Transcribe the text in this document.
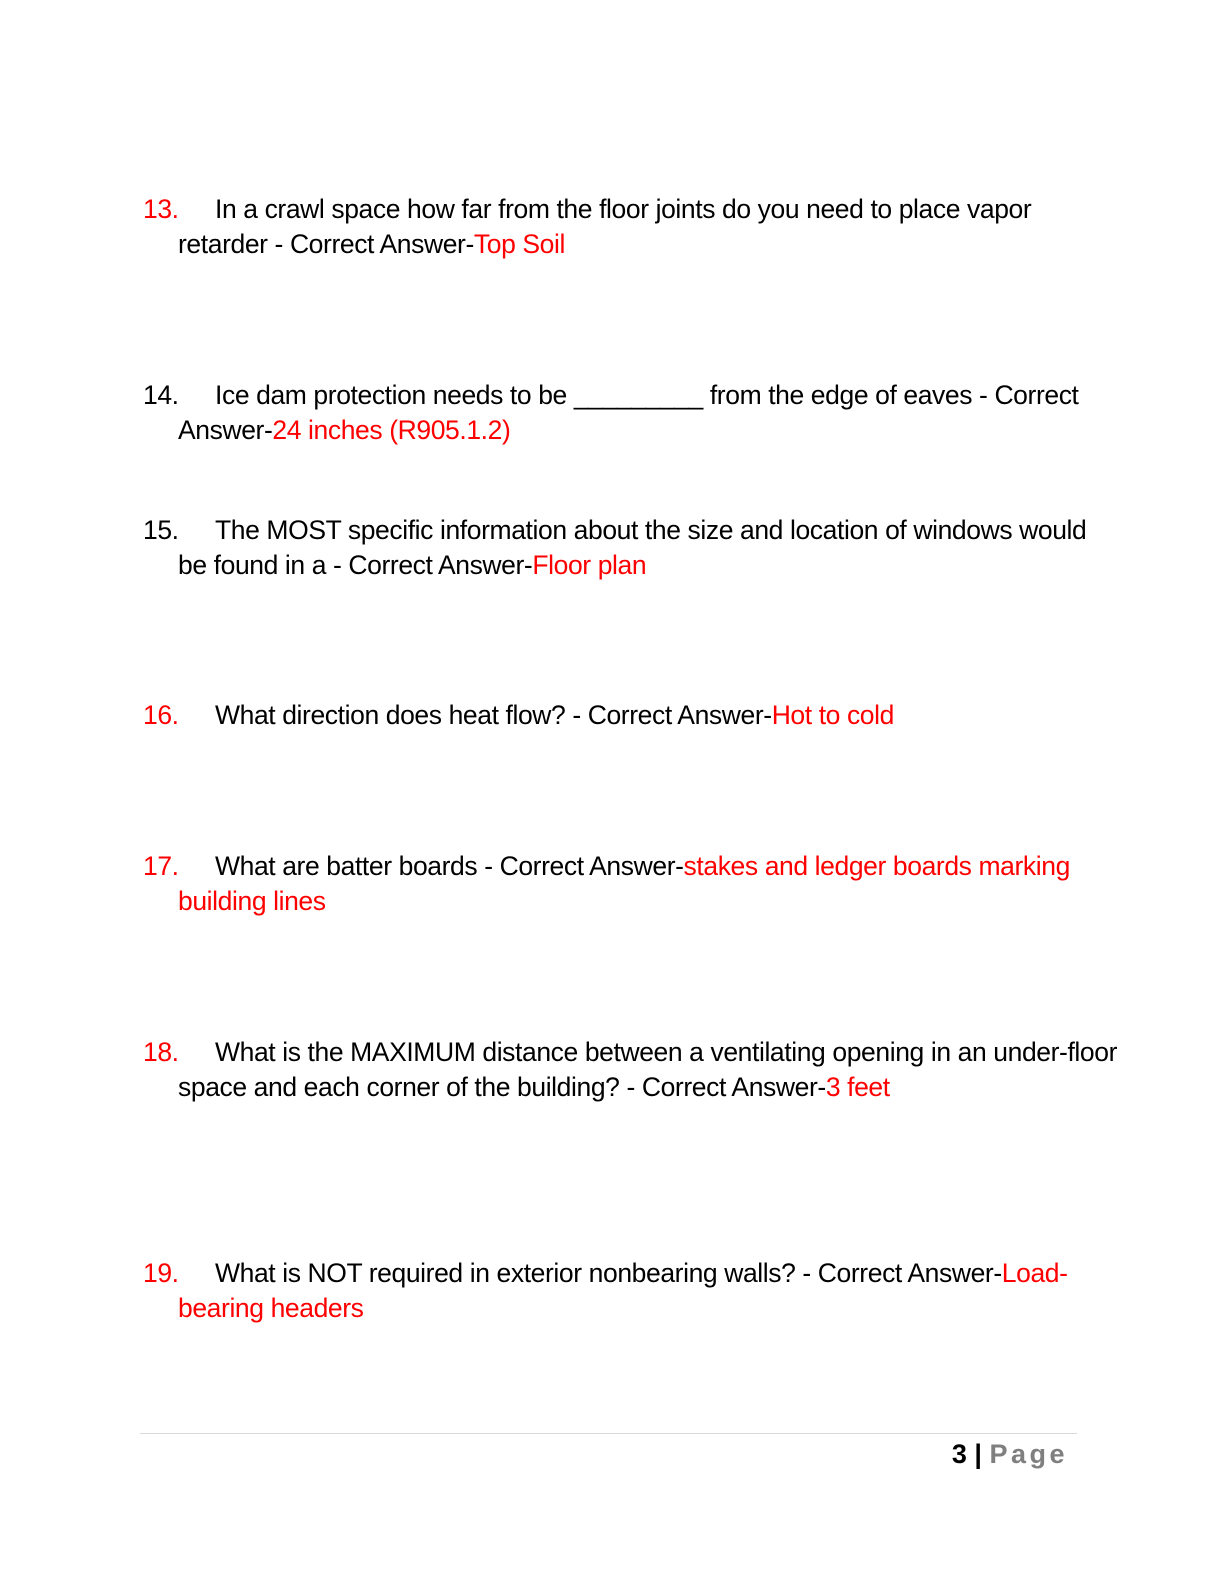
13. In a crawl space how far from the floor joints do you need to place vapor retarder - Correct Answer-Top Soil

14. Ice dam protection needs to be _________ from the edge of eaves - Correct Answer-24 inches (R905.1.2)

15. The MOST specific information about the size and location of windows would be found in a - Correct Answer-Floor plan

16. What direction does heat flow? - Correct Answer-Hot to cold

17. What are batter boards - Correct Answer-stakes and ledger boards marking building lines

18. What is the MAXIMUM distance between a ventilating opening in an under-floor space and each corner of the building? - Correct Answer-3 feet

19. What is NOT required in exterior nonbearing walls? - Correct Answer-Load-bearing headers

3 | Page
